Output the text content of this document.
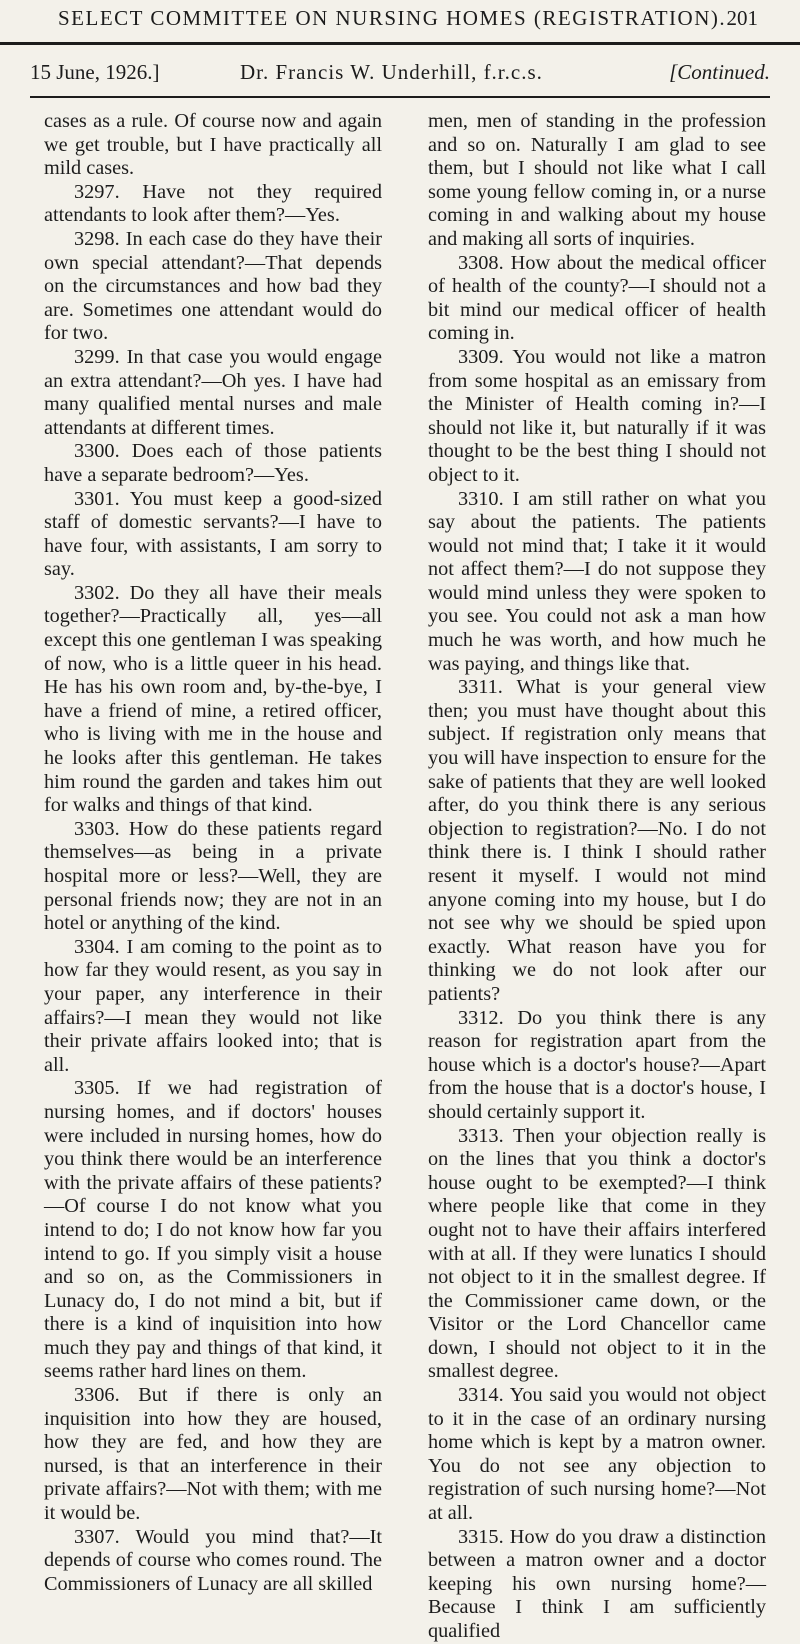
SELECT COMMITTEE ON NURSING HOMES (REGISTRATION). 201
15 June, 1926.]	Dr. Francis W. Underhill, f.r.c.s.	[Continued.

cases as a rule. Of course now and again we get trouble, but I have practically all mild cases.

3297. Have not they required attendants to look after them?—Yes.

3298. In each case do they have their own special attendant?—That depends on the circumstances and how bad they are. Sometimes one attendant would do for two.

3299. In that case you would engage an extra attendant?—Oh yes. I have had many qualified mental nurses and male attendants at different times.

3300. Does each of those patients have a separate bedroom?—Yes.

3301. You must keep a good-sized staff of domestic servants?—I have to have four, with assistants, I am sorry to say.

3302. Do they all have their meals together?—Practically all, yes—all except this one gentleman I was speaking of now, who is a little queer in his head. He has his own room and, by-the-bye, I have a friend of mine, a retired officer, who is living with me in the house and he looks after this gentleman. He takes him round the garden and takes him out for walks and things of that kind.

3303. How do these patients regard themselves—as being in a private hospital more or less?—Well, they are personal friends now; they are not in an hotel or anything of the kind.

3304. I am coming to the point as to how far they would resent, as you say in your paper, any interference in their affairs?—I mean they would not like their private affairs looked into; that is all.

3305. If we had registration of nursing homes, and if doctors' houses were included in nursing homes, how do you think there would be an interference with the private affairs of these patients?—Of course I do not know what you intend to do; I do not know how far you intend to go. If you simply visit a house and so on, as the Commissioners in Lunacy do, I do not mind a bit, but if there is a kind of inquisition into how much they pay and things of that kind, it seems rather hard lines on them.

3306. But if there is only an inquisition into how they are housed, how they are fed, and how they are nursed, is that an interference in their private affairs?—Not with them; with me it would be.

3307. Would you mind that?—It depends of course who comes round. The Commissioners of Lunacy are all skilled

men, men of standing in the profession and so on. Naturally I am glad to see them, but I should not like what I call some young fellow coming in, or a nurse coming in and walking about my house and making all sorts of inquiries.

3308. How about the medical officer of health of the county?—I should not a bit mind our medical officer of health coming in.

3309. You would not like a matron from some hospital as an emissary from the Minister of Health coming in?—I should not like it, but naturally if it was thought to be the best thing I should not object to it.

3310. I am still rather on what you say about the patients. The patients would not mind that; I take it it would not affect them?—I do not suppose they would mind unless they were spoken to you see. You could not ask a man how much he was worth, and how much he was paying, and things like that.

3311. What is your general view then; you must have thought about this subject. If registration only means that you will have inspection to ensure for the sake of patients that they are well looked after, do you think there is any serious objection to registration?—No. I do not think there is. I think I should rather resent it myself. I would not mind anyone coming into my house, but I do not see why we should be spied upon exactly. What reason have you for thinking we do not look after our patients?

3312. Do you think there is any reason for registration apart from the house which is a doctor's house?—Apart from the house that is a doctor's house, I should certainly support it.

3313. Then your objection really is on the lines that you think a doctor's house ought to be exempted?—I think where people like that come in they ought not to have their affairs interfered with at all. If they were lunatics I should not object to it in the smallest degree. If the Commissioner came down, or the Visitor or the Lord Chancellor came down, I should not object to it in the smallest degree.

3314. You said you would not object to it in the case of an ordinary nursing home which is kept by a matron owner. You do not see any objection to registration of such nursing home?—Not at all.

3315. How do you draw a distinction between a matron owner and a doctor keeping his own nursing home?—Because I think I am sufficiently qualified
